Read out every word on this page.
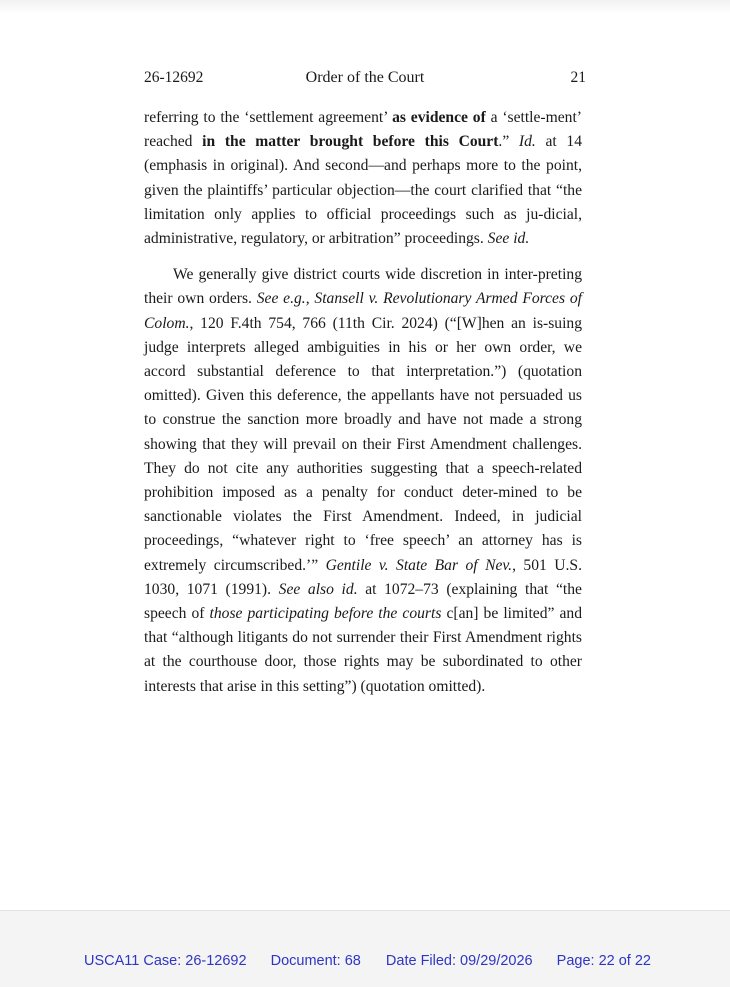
26-12692	Order of the Court	21

referring to the ‘settlement agreement’ as evidence of a ‘settle-ment’ reached in the matter brought before this Court.” Id. at 14 (emphasis in original). And second—and perhaps more to the point, given the plaintiffs’ particular objection—the court clarified that “the limitation only applies to official proceedings such as ju-dicial, administrative, regulatory, or arbitration” proceedings. See id.

We generally give district courts wide discretion in inter-preting their own orders. See e.g., Stansell v. Revolutionary Armed Forces of Colom., 120 F.4th 754, 766 (11th Cir. 2024) (“[W]hen an is-suing judge interprets alleged ambiguities in his or her own order, we accord substantial deference to that interpretation.”) (quotation omitted). Given this deference, the appellants have not persuaded us to construe the sanction more broadly and have not made a strong showing that they will prevail on their First Amendment challenges. They do not cite any authorities suggesting that a speech-related prohibition imposed as a penalty for conduct deter-mined to be sanctionable violates the First Amendment. Indeed, in judicial proceedings, “whatever right to ‘free speech’ an attorney has is extremely circumscribed.’” Gentile v. State Bar of Nev., 501 U.S. 1030, 1071 (1991). See also id. at 1072–73 (explaining that “the speech of those participating before the courts c[an] be limited” and that “although litigants do not surrender their First Amendment rights at the courthouse door, those rights may be subordinated to other interests that arise in this setting”) (quotation omitted).

USCA11 Case: 26-12692 Document: 68 Date Filed: 09/29/2026 Page: 22 of 22
